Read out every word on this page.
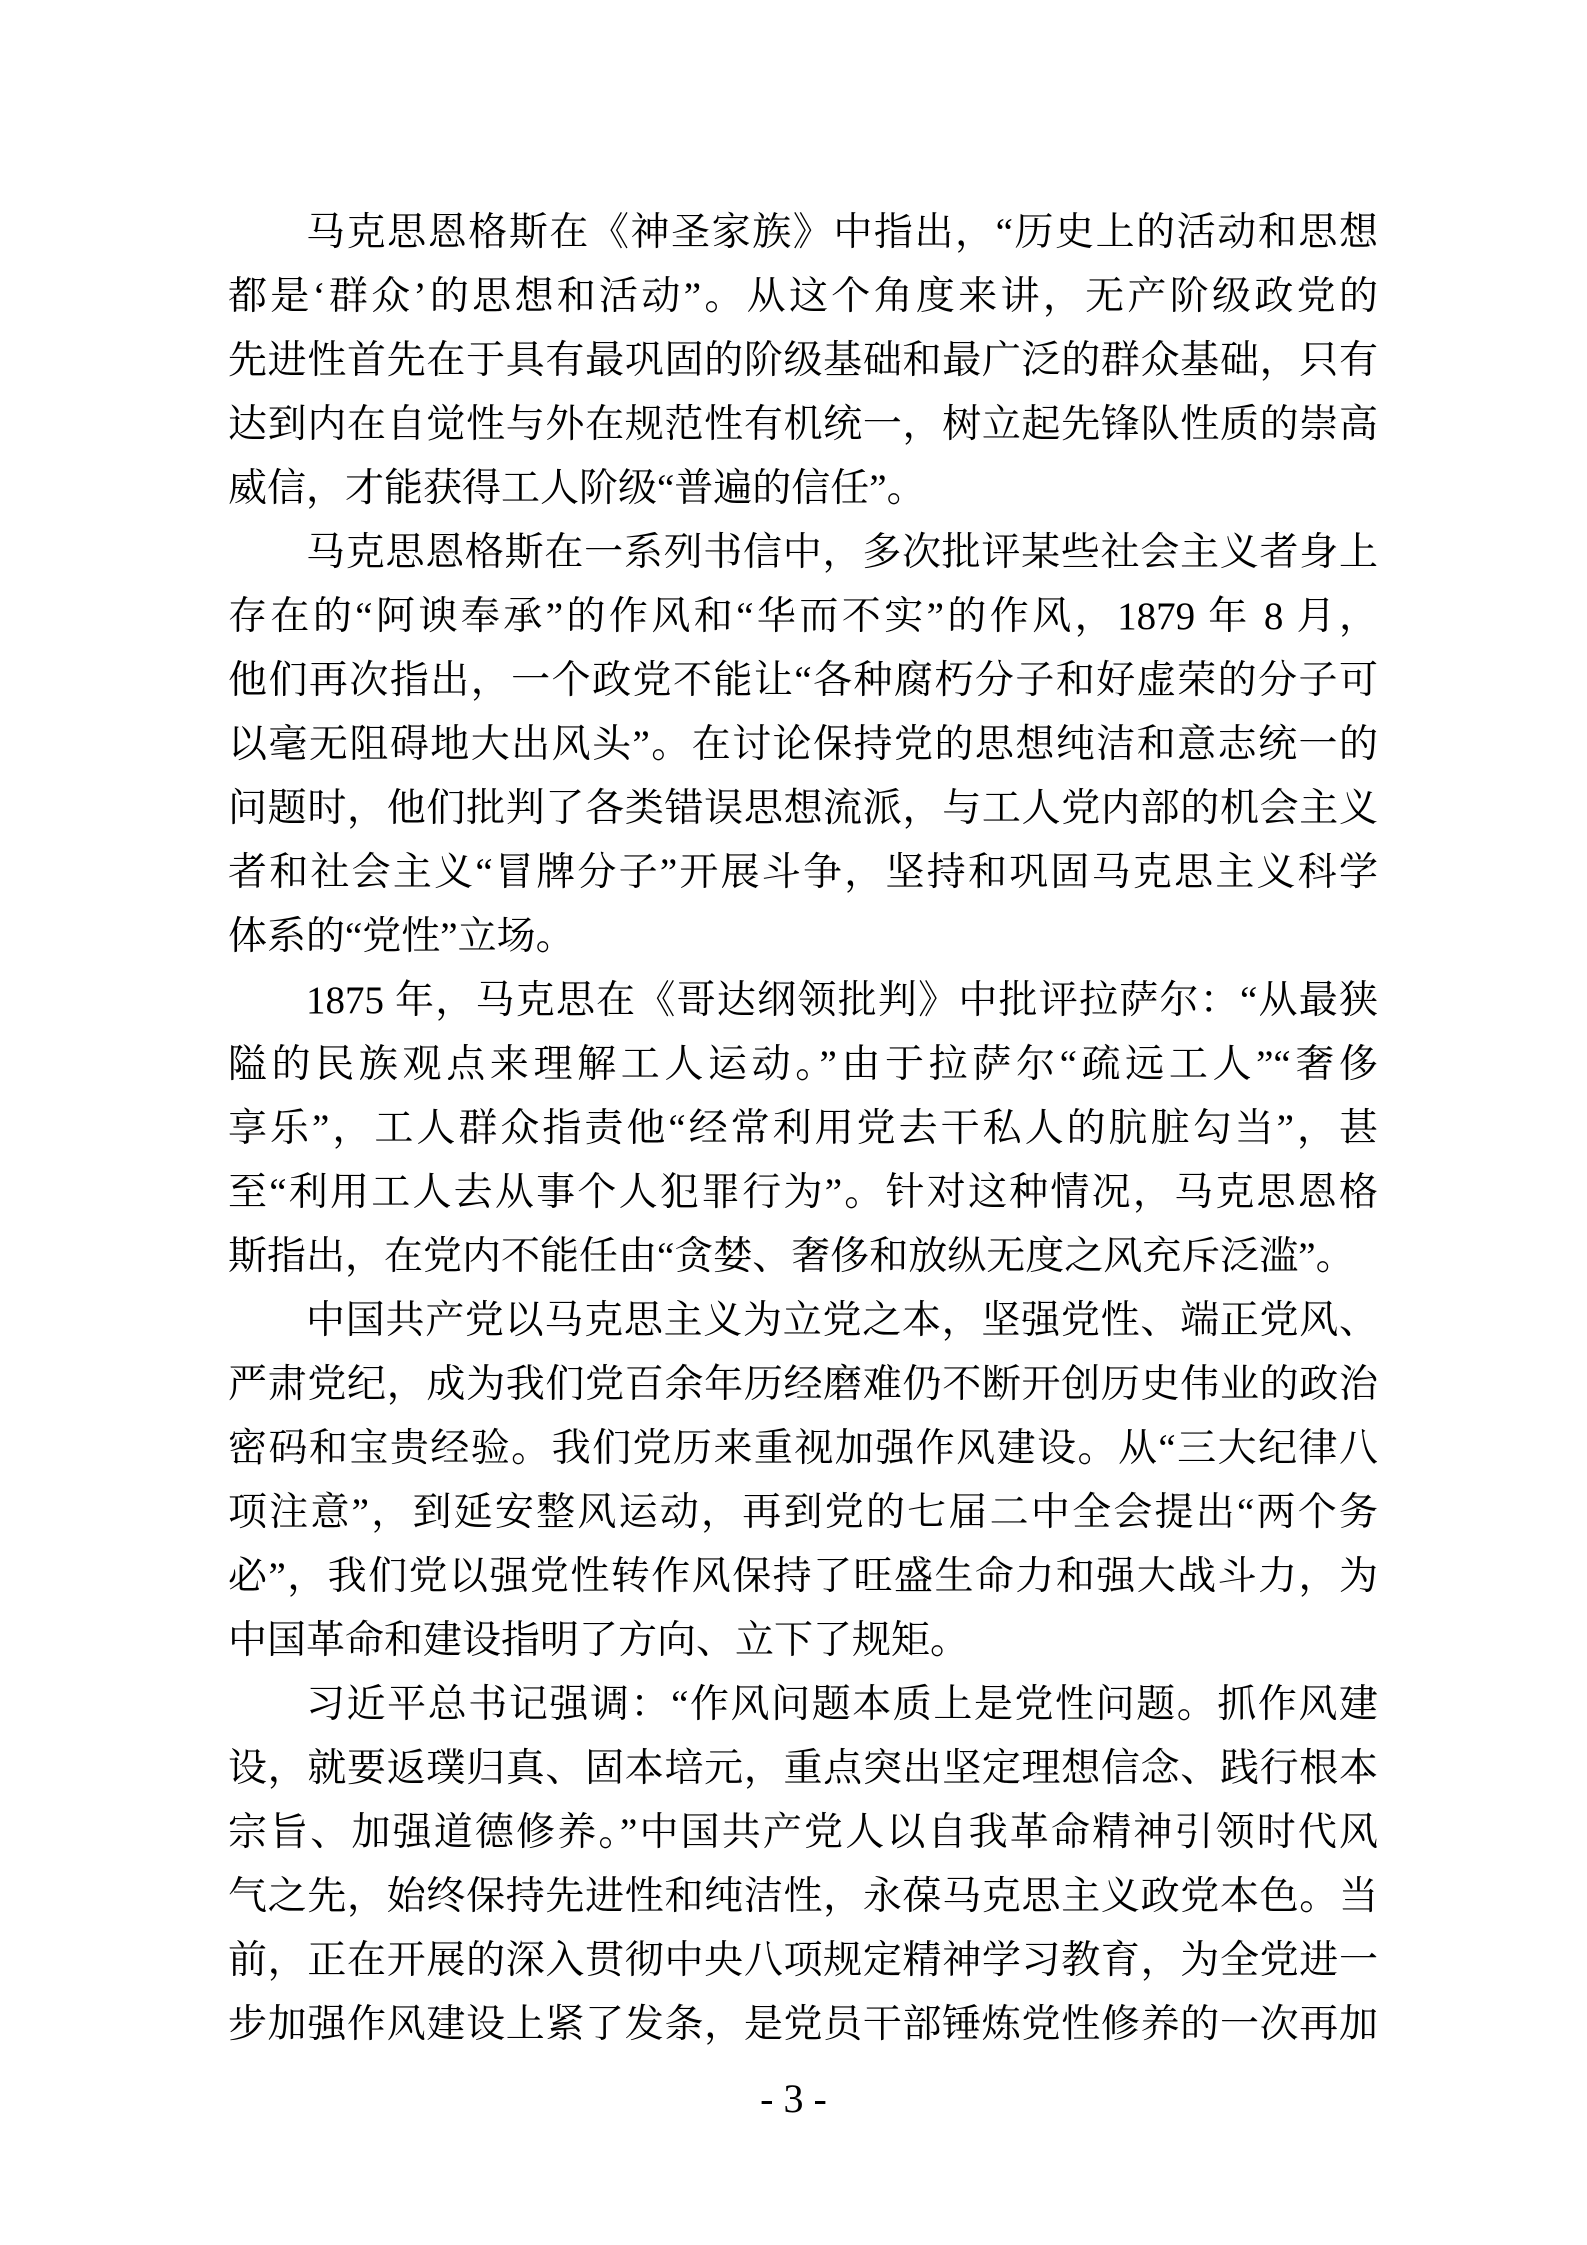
马克思恩格斯在《神圣家族》中指出，“历史上的活动和思想
都是‘群众’的思想和活动”。从这个角度来讲，无产阶级政党的
先进性首先在于具有最巩固的阶级基础和最广泛的群众基础，只有
达到内在自觉性与外在规范性有机统一，树立起先锋队性质的崇高
威信，才能获得工人阶级“普遍的信任”。
马克思恩格斯在一系列书信中，多次批评某些社会主义者身上
存在的“阿谀奉承”的作风和“华而不实”的作风，1879 年 8 月，
他们再次指出，一个政党不能让“各种腐朽分子和好虚荣的分子可
以毫无阻碍地大出风头”。在讨论保持党的思想纯洁和意志统一的
问题时，他们批判了各类错误思想流派，与工人党内部的机会主义
者和社会主义“冒牌分子”开展斗争，坚持和巩固马克思主义科学
体系的“党性”立场。
1875 年，马克思在《哥达纲领批判》中批评拉萨尔：“从最狭
隘的民族观点来理解工人运动。”由于拉萨尔“疏远工人”“奢侈
享乐”，工人群众指责他“经常利用党去干私人的肮脏勾当”，甚
至“利用工人去从事个人犯罪行为”。针对这种情况，马克思恩格
斯指出，在党内不能任由“贪婪、奢侈和放纵无度之风充斥泛滥”。
中国共产党以马克思主义为立党之本，坚强党性、端正党风、
严肃党纪，成为我们党百余年历经磨难仍不断开创历史伟业的政治
密码和宝贵经验。我们党历来重视加强作风建设。从“三大纪律八
项注意”，到延安整风运动，再到党的七届二中全会提出“两个务
必”，我们党以强党性转作风保持了旺盛生命力和强大战斗力，为
中国革命和建设指明了方向、立下了规矩。
习近平总书记强调：“作风问题本质上是党性问题。抓作风建
设，就要返璞归真、固本培元，重点突出坚定理想信念、践行根本
宗旨、加强道德修养。”中国共产党人以自我革命精神引领时代风
气之先，始终保持先进性和纯洁性，永葆马克思主义政党本色。当
前，正在开展的深入贯彻中央八项规定精神学习教育，为全党进一
步加强作风建设上紧了发条，是党员干部锤炼党性修养的一次再加
- 3 -
